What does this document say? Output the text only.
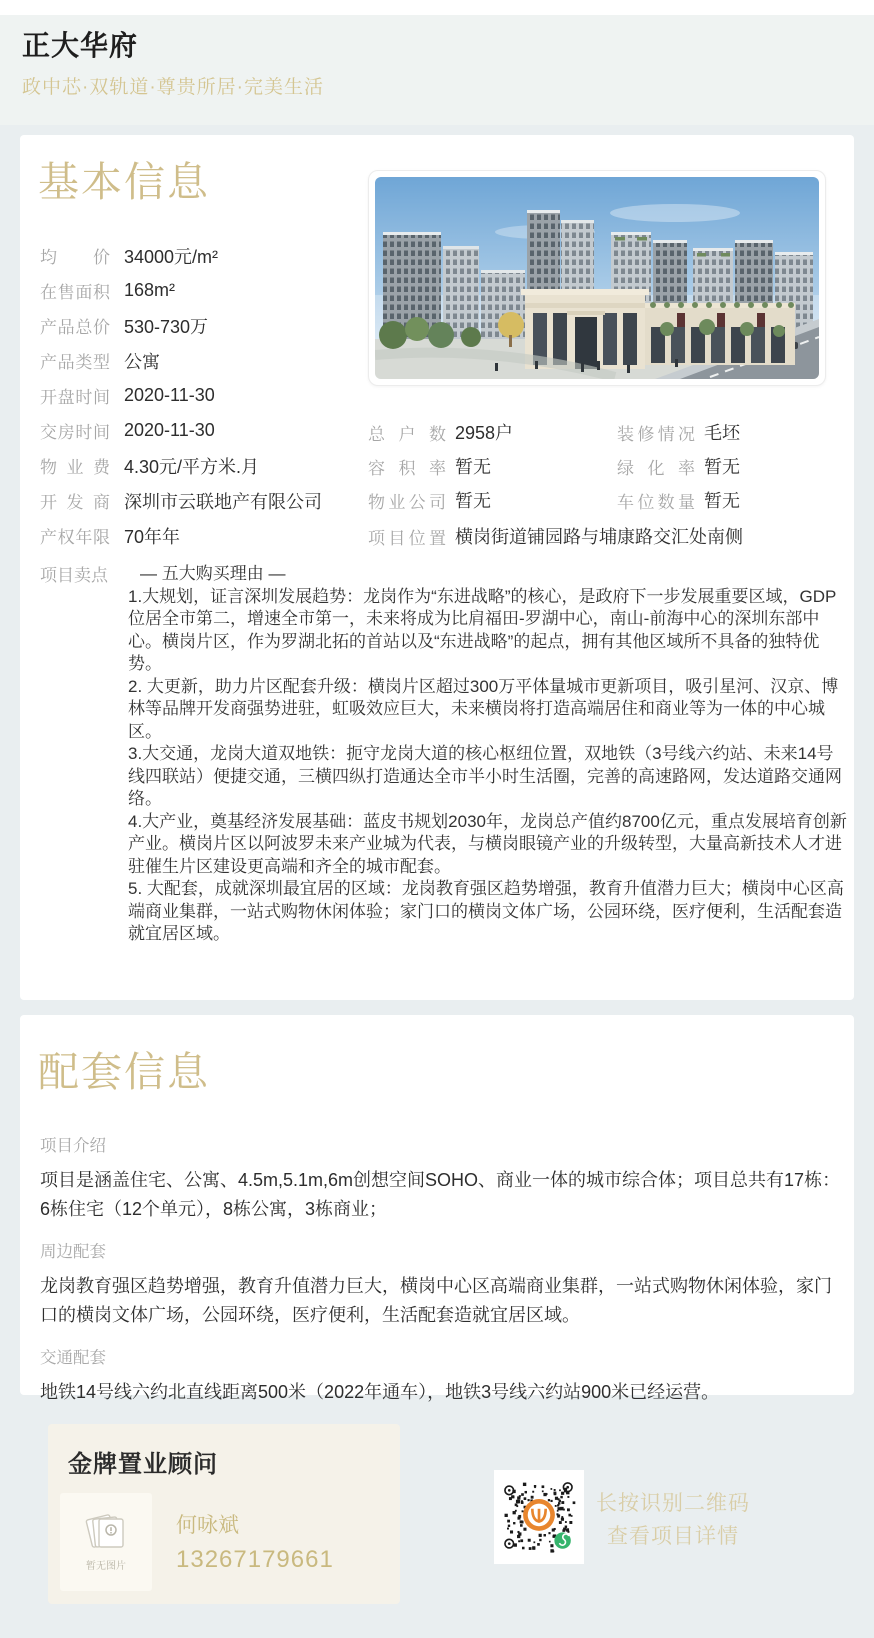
正大华府
政中芯·双轨道·尊贵所居·完美生活
基本信息
均价 34000元/m²
在售面积 168m²
产品总价 530-730万
产品类型 公寓
开盘时间 2020-11-30
交房时间 2020-11-30
物业费 4.30元/平方米.月
开发商 深圳市云联地产有限公司
产权年限 70年年
总户数 2958户	装修情况 毛坯
容积率 暂无	绿化率 暂无
物业公司 暂无	车位数量 暂无
项目位置 横岗街道铺园路与埔康路交汇处南侧
项目卖点	— 五大购买理由 —

1.大规划，证言深圳发展趋势：龙岗作为“东进战略”的核心，是政府下一步发展重要区域，GDP位居全市第二，增速全市第一，未来将成为比肩福田-罗湖中心，南山-前海中心的深圳东部中心。横岗片区，作为罗湖北拓的首站以及“东进战略”的起点，拥有其他区域所不具备的独特优势。

2. 大更新，助力片区配套升级：横岗片区超过300万平体量城市更新项目，吸引星河、汉京、博林等品牌开发商强势进驻，虹吸效应巨大，未来横岗将打造高端居住和商业等为一体的中心城区。

3.大交通，龙岗大道双地铁：扼守龙岗大道的核心枢纽位置，双地铁（3号线六约站、未来14号线四联站）便捷交通，三横四纵打造通达全市半小时生活圈，完善的高速路网，发达道路交通网络。

4.大产业，奠基经济发展基础：蓝皮书规划2030年，龙岗总产值约8700亿元，重点发展培育创新产业。横岗片区以阿波罗未来产业城为代表，与横岗眼镜产业的升级转型，大量高新技术人才进驻催生片区建设更高端和齐全的城市配套。

5. 大配套，成就深圳最宜居的区域：龙岗教育强区趋势增强，教育升值潜力巨大；横岗中心区高端商业集群，一站式购物休闲体验；家门口的横岗文体广场，公园环绕，医疗便利，生活配套造就宜居区域。

配套信息
项目介绍

项目是涵盖住宅、公寓、4.5m,5.1m,6m创想空间SOHO、商业一体的城市综合体；项目总共有17栋：6栋住宅（12个单元），8栋公寓，3栋商业；

周边配套

龙岗教育强区趋势增强，教育升值潜力巨大，横岗中心区高端商业集群，一站式购物休闲体验，家门口的横岗文体广场，公园环绕，医疗便利，生活配套造就宜居区域。

交通配套

地铁14号线六约北直线距离500米（2022年通车），地铁3号线六约站900米已经运营。

金牌置业顾问
暂无图片
何咏斌
13267179661
长按识别二维码
查看项目详情
